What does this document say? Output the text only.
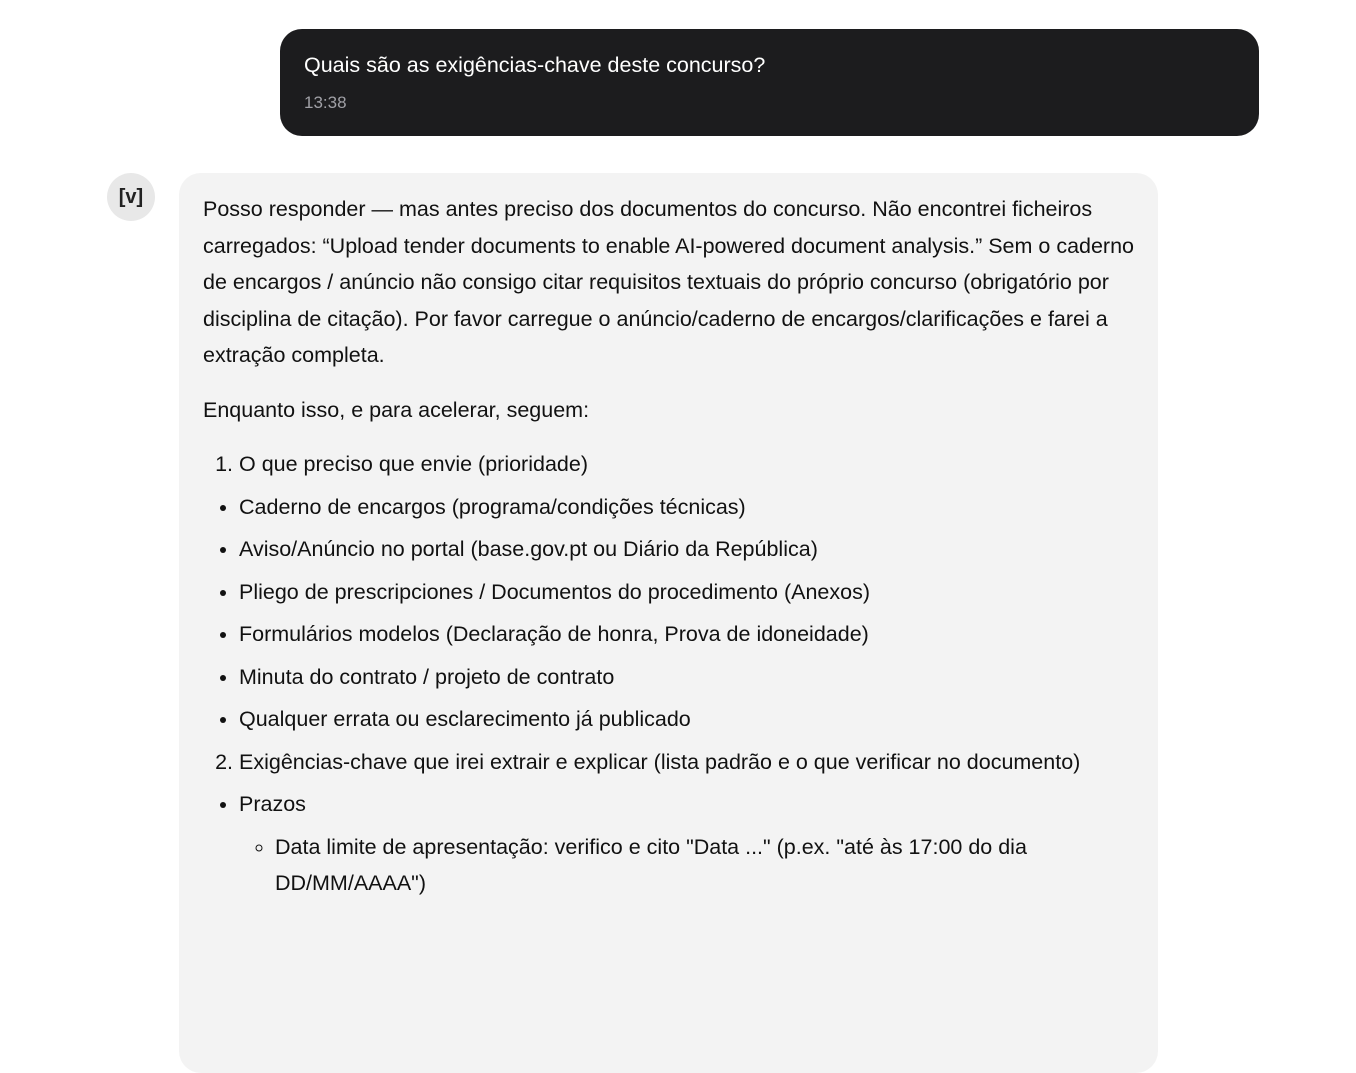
Quais são as exigências-chave deste concurso?
13:38
[v]

Posso responder — mas antes preciso dos documentos do concurso. Não encontrei ficheiros carregados: “Upload tender documents to enable AI-powered document analysis.” Sem o caderno de encargos / anúncio não consigo citar requisitos textuais do próprio concurso (obrigatório por disciplina de citação). Por favor carregue o anúncio/caderno de encargos/clarificações e farei a extração completa.

Enquanto isso, e para acelerar, seguem:

1. O que preciso que envie (prioridade)
• Caderno de encargos (programa/condições técnicas)
• Aviso/Anúncio no portal (base.gov.pt ou Diário da República)
• Pliego de prescripciones / Documentos do procedimento (Anexos)
• Formulários modelos (Declaração de honra, Prova de idoneidade)
• Minuta do contrato / projeto de contrato
• Qualquer errata ou esclarecimento já publicado
2. Exigências-chave que irei extrair e explicar (lista padrão e o que verificar no documento)
• Prazos
◦ Data limite de apresentação: verifico e cito "Data ..." (p.ex. "até às 17:00 do dia DD/MM/AAAA")
